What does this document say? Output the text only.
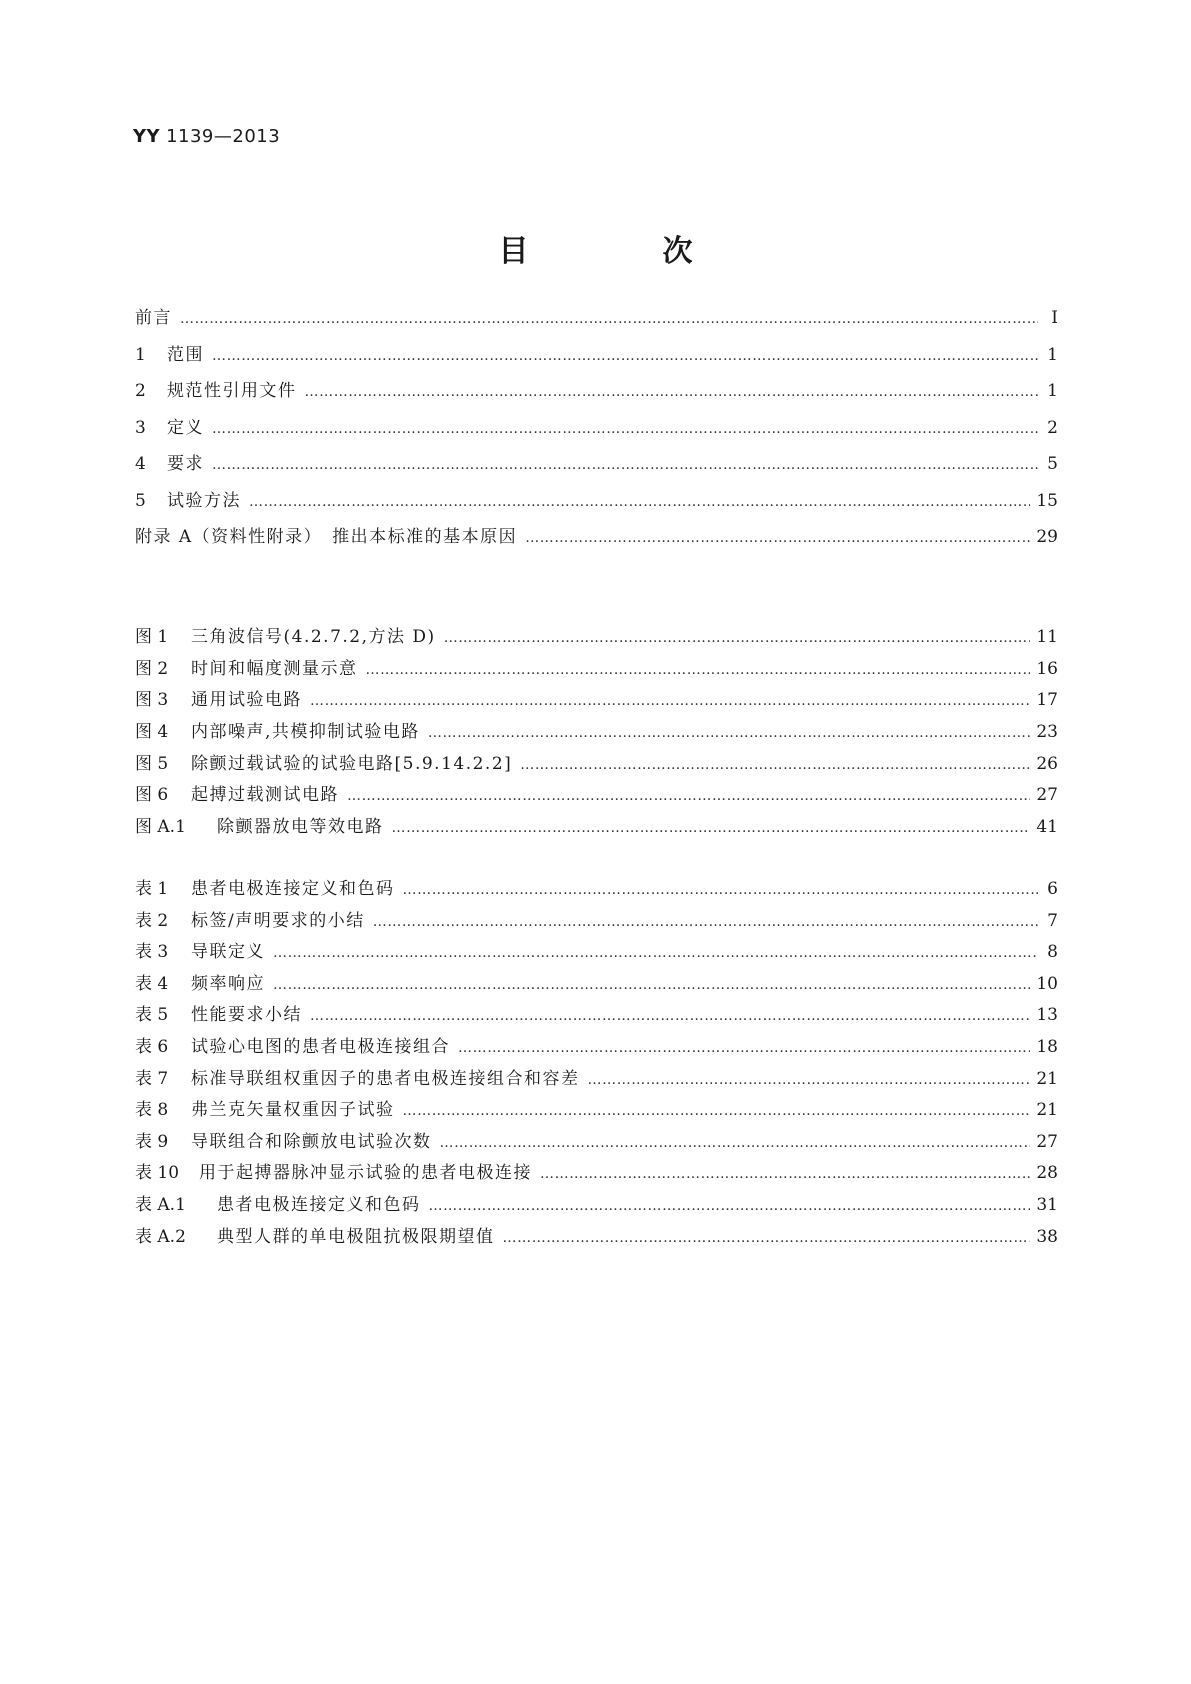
YY 1139—2013
目　次
前言 ……………………………………………………………………………………………………………………………………………………………………………………………………………………………………………………	Ⅰ
1	范围 ……………………………………………………………………………………………………………………………………………………………………………………………………………………………………………………	1
2	规范性引用文件 ……………………………………………………………………………………………………………………………………………………………………………………………………………………………………………………	1
3	定义 ……………………………………………………………………………………………………………………………………………………………………………………………………………………………………………………	2
4	要求 ……………………………………………………………………………………………………………………………………………………………………………………………………………………………………………………	5
5	试验方法 ……………………………………………………………………………………………………………………………………………………………………………………………………………………………………………………	15
附录 A（资料性附录）　推出本标准的基本原因 ……………………………………………………………………………………………………………………………………………………………………………………………………………………………………………………	29
图 1	三角波信号(4.2.7.2,方法 D) ……………………………………………………………………………………………………………………………………………………………………………………………………………………………………………………	11
图 2	时间和幅度测量示意 ……………………………………………………………………………………………………………………………………………………………………………………………………………………………………………………	16
图 3	通用试验电路 ……………………………………………………………………………………………………………………………………………………………………………………………………………………………………………………	17
图 4	内部噪声,共模抑制试验电路 ……………………………………………………………………………………………………………………………………………………………………………………………………………………………………………………	23
图 5	除颤过载试验的试验电路[5.9.14.2.2] ……………………………………………………………………………………………………………………………………………………………………………………………………………………………………………………	26
图 6	起搏过载测试电路 ……………………………………………………………………………………………………………………………………………………………………………………………………………………………………………………	27
图 A.1	除颤器放电等效电路 ……………………………………………………………………………………………………………………………………………………………………………………………………………………………………………………	41
表 1	患者电极连接定义和色码 ……………………………………………………………………………………………………………………………………………………………………………………………………………………………………………………	6
表 2	标签/声明要求的小结 ……………………………………………………………………………………………………………………………………………………………………………………………………………………………………………………	7
表 3	导联定义 ……………………………………………………………………………………………………………………………………………………………………………………………………………………………………………………	8
表 4	频率响应 ……………………………………………………………………………………………………………………………………………………………………………………………………………………………………………………	10
表 5	性能要求小结 ……………………………………………………………………………………………………………………………………………………………………………………………………………………………………………………	13
表 6	试验心电图的患者电极连接组合 ……………………………………………………………………………………………………………………………………………………………………………………………………………………………………………………	18
表 7	标准导联组权重因子的患者电极连接组合和容差 ……………………………………………………………………………………………………………………………………………………………………………………………………………………………………………………	21
表 8	弗兰克矢量权重因子试验 ……………………………………………………………………………………………………………………………………………………………………………………………………………………………………………………	21
表 9	导联组合和除颤放电试验次数 ……………………………………………………………………………………………………………………………………………………………………………………………………………………………………………………	27
表 10	用于起搏器脉冲显示试验的患者电极连接 ……………………………………………………………………………………………………………………………………………………………………………………………………………………………………………………	28
表 A.1	患者电极连接定义和色码 ……………………………………………………………………………………………………………………………………………………………………………………………………………………………………………………	31
表 A.2	典型人群的单电极阻抗极限期望值 ……………………………………………………………………………………………………………………………………………………………………………………………………………………………………………………	38
